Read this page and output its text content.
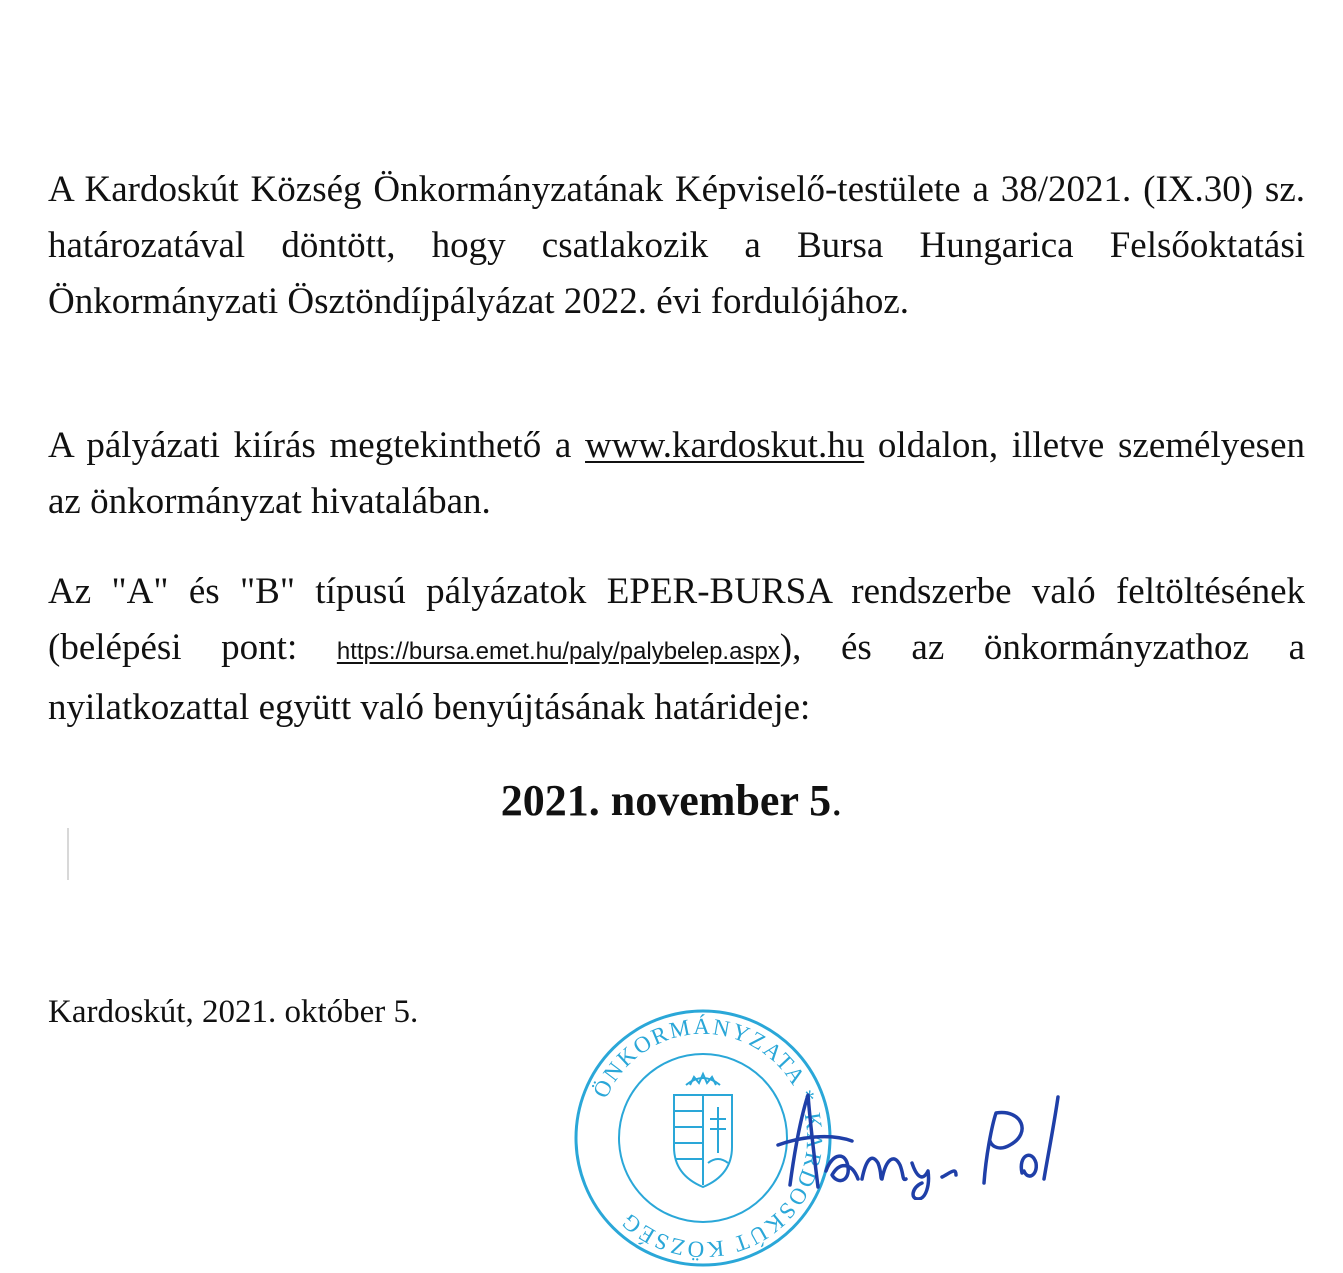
A Kardoskút Község Önkormányzatának Képviselő-testülete a 38/2021. (IX.30) sz. határozatával döntött, hogy csatlakozik a Bursa Hungarica Felsőoktatási Önkormányzati Ösztöndíjpályázat 2022. évi fordulójához.

A pályázati kiírás megtekinthető a www.kardoskut.hu oldalon, illetve személyesen az önkormányzat hivatalában.

Az "A" és "B" típusú pályázatok EPER-BURSA rendszerbe való feltöltésének (belépési pont: https://bursa.emet.hu/paly/palybelep.aspx), és az önkormányzathoz a nyilatkozattal együtt való benyújtásának határideje:

2021. november 5.

Kardoskút, 2021. október 5.

ÖNKORMÁNYZATA * KARDOSKÚT KÖZSÉG
